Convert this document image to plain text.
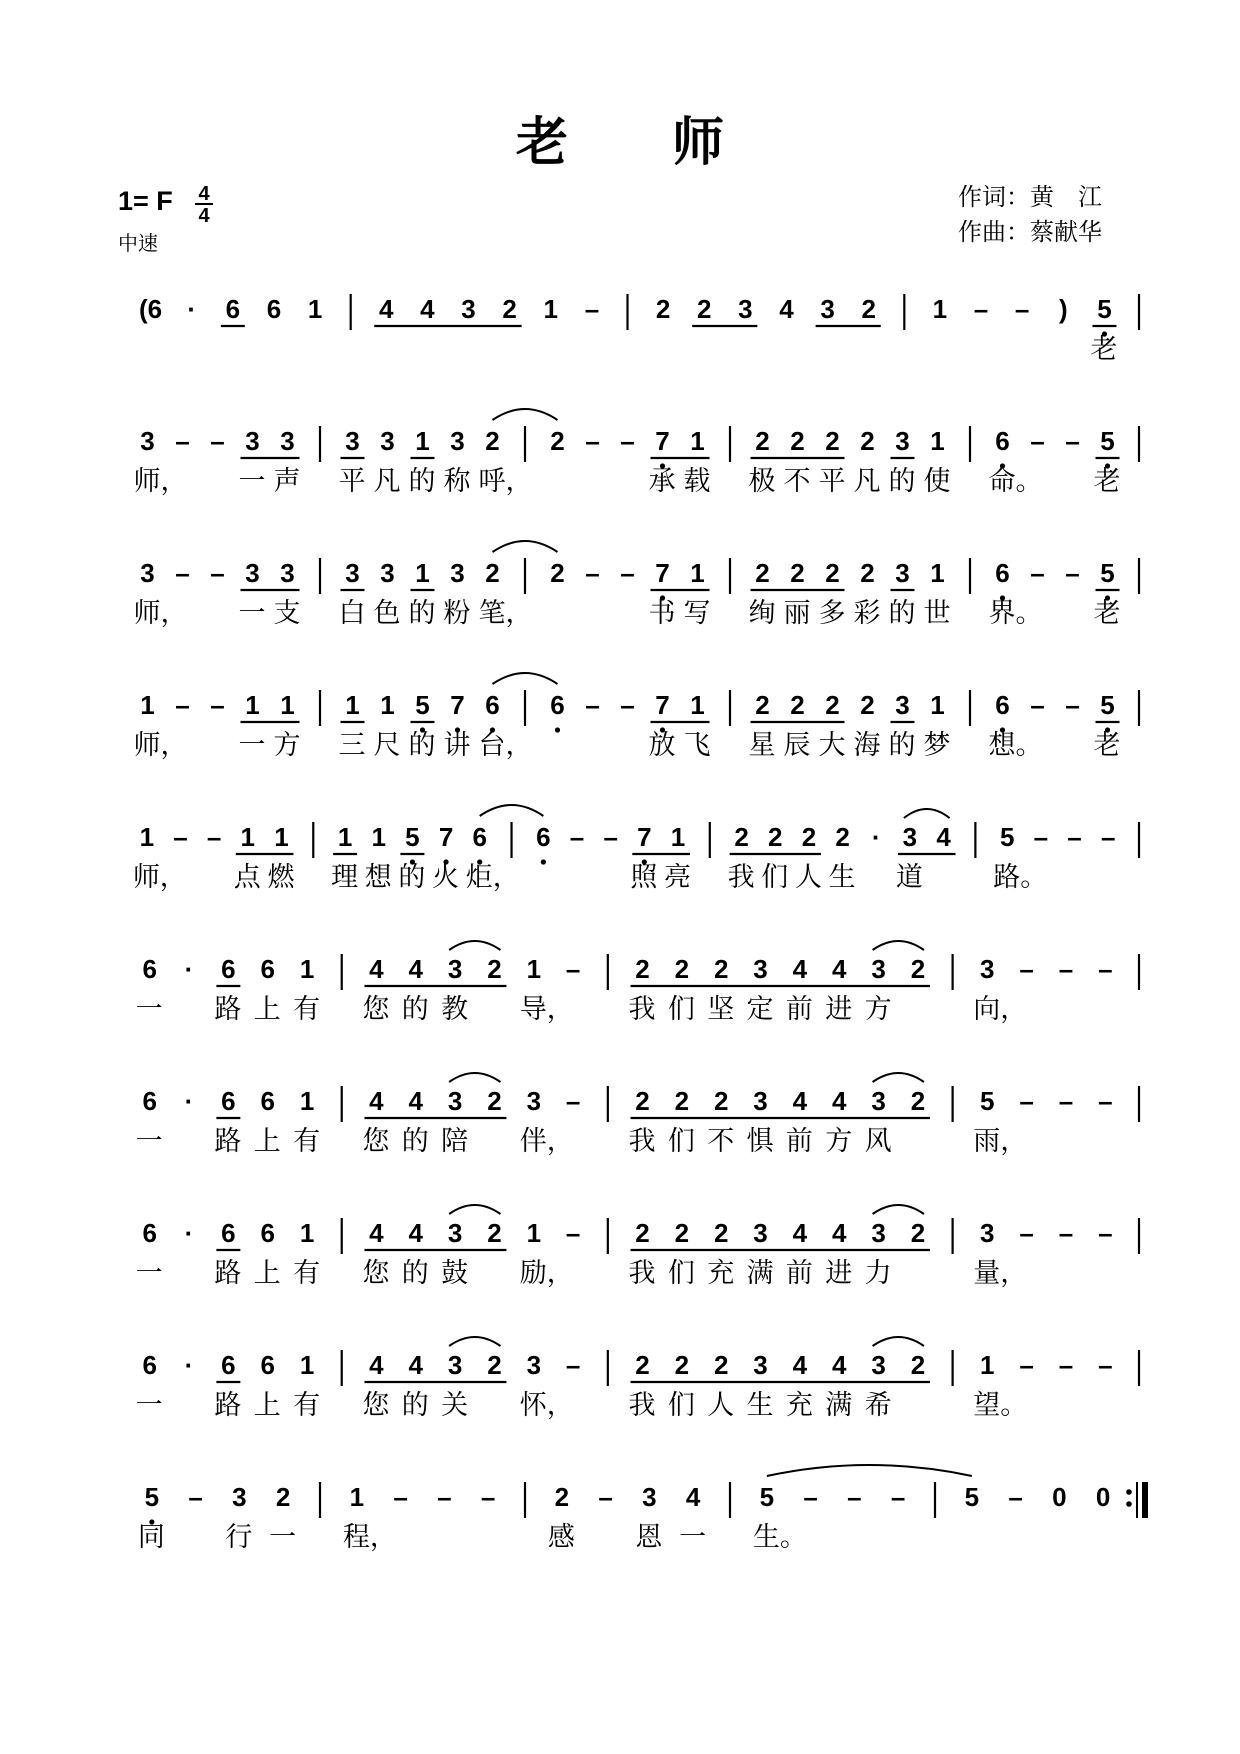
老　　师
1= F 4
4
中速
作词：黄　江
作曲：蔡献华
(6 · 6 6 1 4 4 3 2 1 – 2 2 3 4 3 2 1 – – ) 5
老
3
师，
– – 3
一
3
声
3
平
3
凡
1
的
3
称
2
呼，
2 – – 7
承
1
载
2
极
2
不
2
平
2
凡
3
的
1
使
6
命。
– – 5
老
3
师，
– – 3
一
3
支
3
白
3
色
1
的
3
粉
2
笔，
2 – – 7
书
1
写
2
绚
2
丽
2
多
2
彩
3
的
1
世
6
界。
– – 5
老
1
师，
– – 1
一
1
方
1
三
1
尺
5
的
7
讲
6
台，
6 – – 7
放
1
飞
2
星
2
辰
2
大
2
海
3
的
1
梦
6
想。
– – 5
老
1
师，
– – 1
点
1
燃
1
理
1
想
5
的
7
火
6
炬，
6 – – 7
照
1
亮
2
我
2
们
2
人
2
生
· 3
道
4 5
路。
– – –
6
一
· 6
路
6
上
1
有
4
您
4
的
3
教
2 1
导，
– 2
我
2
们
2
坚
3
定
4
前
4
进
3
方
2 3
向，
– – –
6
一
· 6
路
6
上
1
有
4
您
4
的
3
陪
2 3
伴，
– 2
我
2
们
2
不
3
惧
4
前
4
方
3
风
2 5
雨，
– – –
6
一
· 6
路
6
上
1
有
4
您
4
的
3
鼓
2 1
励，
– 2
我
2
们
2
充
3
满
4
前
4
进
3
力
2 3
量，
– – –
6
一
· 6
路
6
上
1
有
4
您
4
的
3
关
2 3
怀，
– 2
我
2
们
2
人
3
生
4
充
4
满
3
希
2 1
望。
– – –
5
同
– 3
行
2
一
1
程，
– – – 2
感
– 3
恩
4
一
5
生。
– – – 5 – 0 0
